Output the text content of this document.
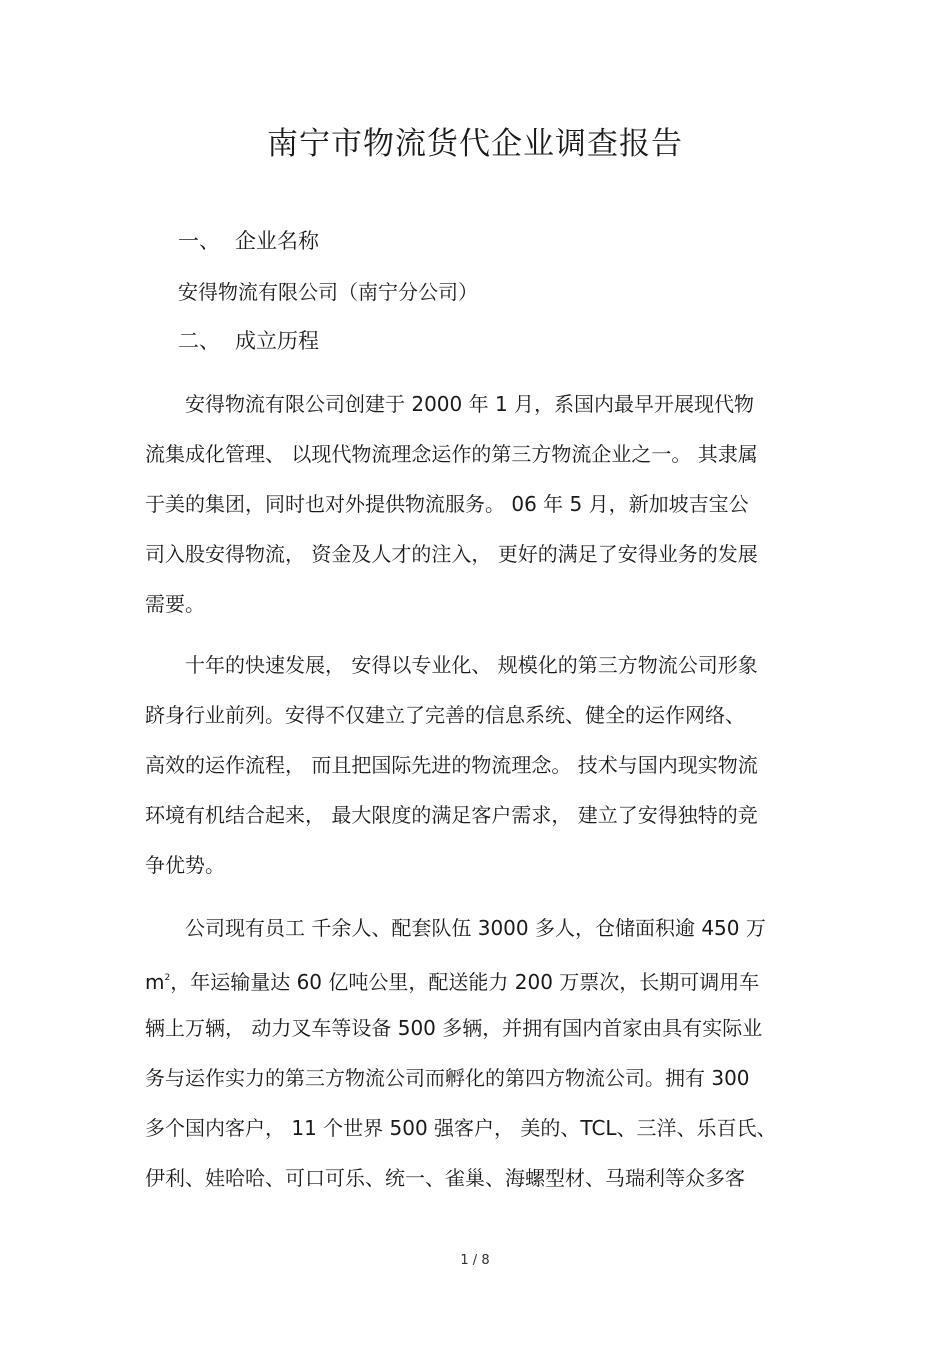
南宁市物流货代企业调查报告
一、 企业名称
安得物流有限公司（南宁分公司）
二、 成立历程
安得物流有限公司创建于 2000 年 1 月，系国内最早开展现代物
流集成化管理、 以现代物流理念运作的第三方物流企业之一。 其隶属
于美的集团，同时也对外提供物流服务。 06 年 5 月，新加坡吉宝公
司入股安得物流， 资金及人才的注入， 更好的满足了安得业务的发展
需要。
十年的快速发展， 安得以专业化、 规模化的第三方物流公司形象
跻身行业前列。安得不仅建立了完善的信息系统、健全的运作网络、
高效的运作流程， 而且把国际先进的物流理念。 技术与国内现实物流
环境有机结合起来， 最大限度的满足客户需求， 建立了安得独特的竞
争优势。
公司现有员工 千余人、配套队伍 3000 多人，仓储面积逾 450 万
$m^2$，年运输量达 60 亿吨公里，配送能力 200 万票次，长期可调用车
辆上万辆， 动力叉车等设备 500 多辆，并拥有国内首家由具有实际业
务与运作实力的第三方物流公司而孵化的第四方物流公司。拥有 300
多个国内客户， 11 个世界 500 强客户， 美的、TCL、三洋、乐百氏、
伊利、娃哈哈、可口可乐、统一、雀巢、海螺型材、马瑞利等众多客
1 / 8
